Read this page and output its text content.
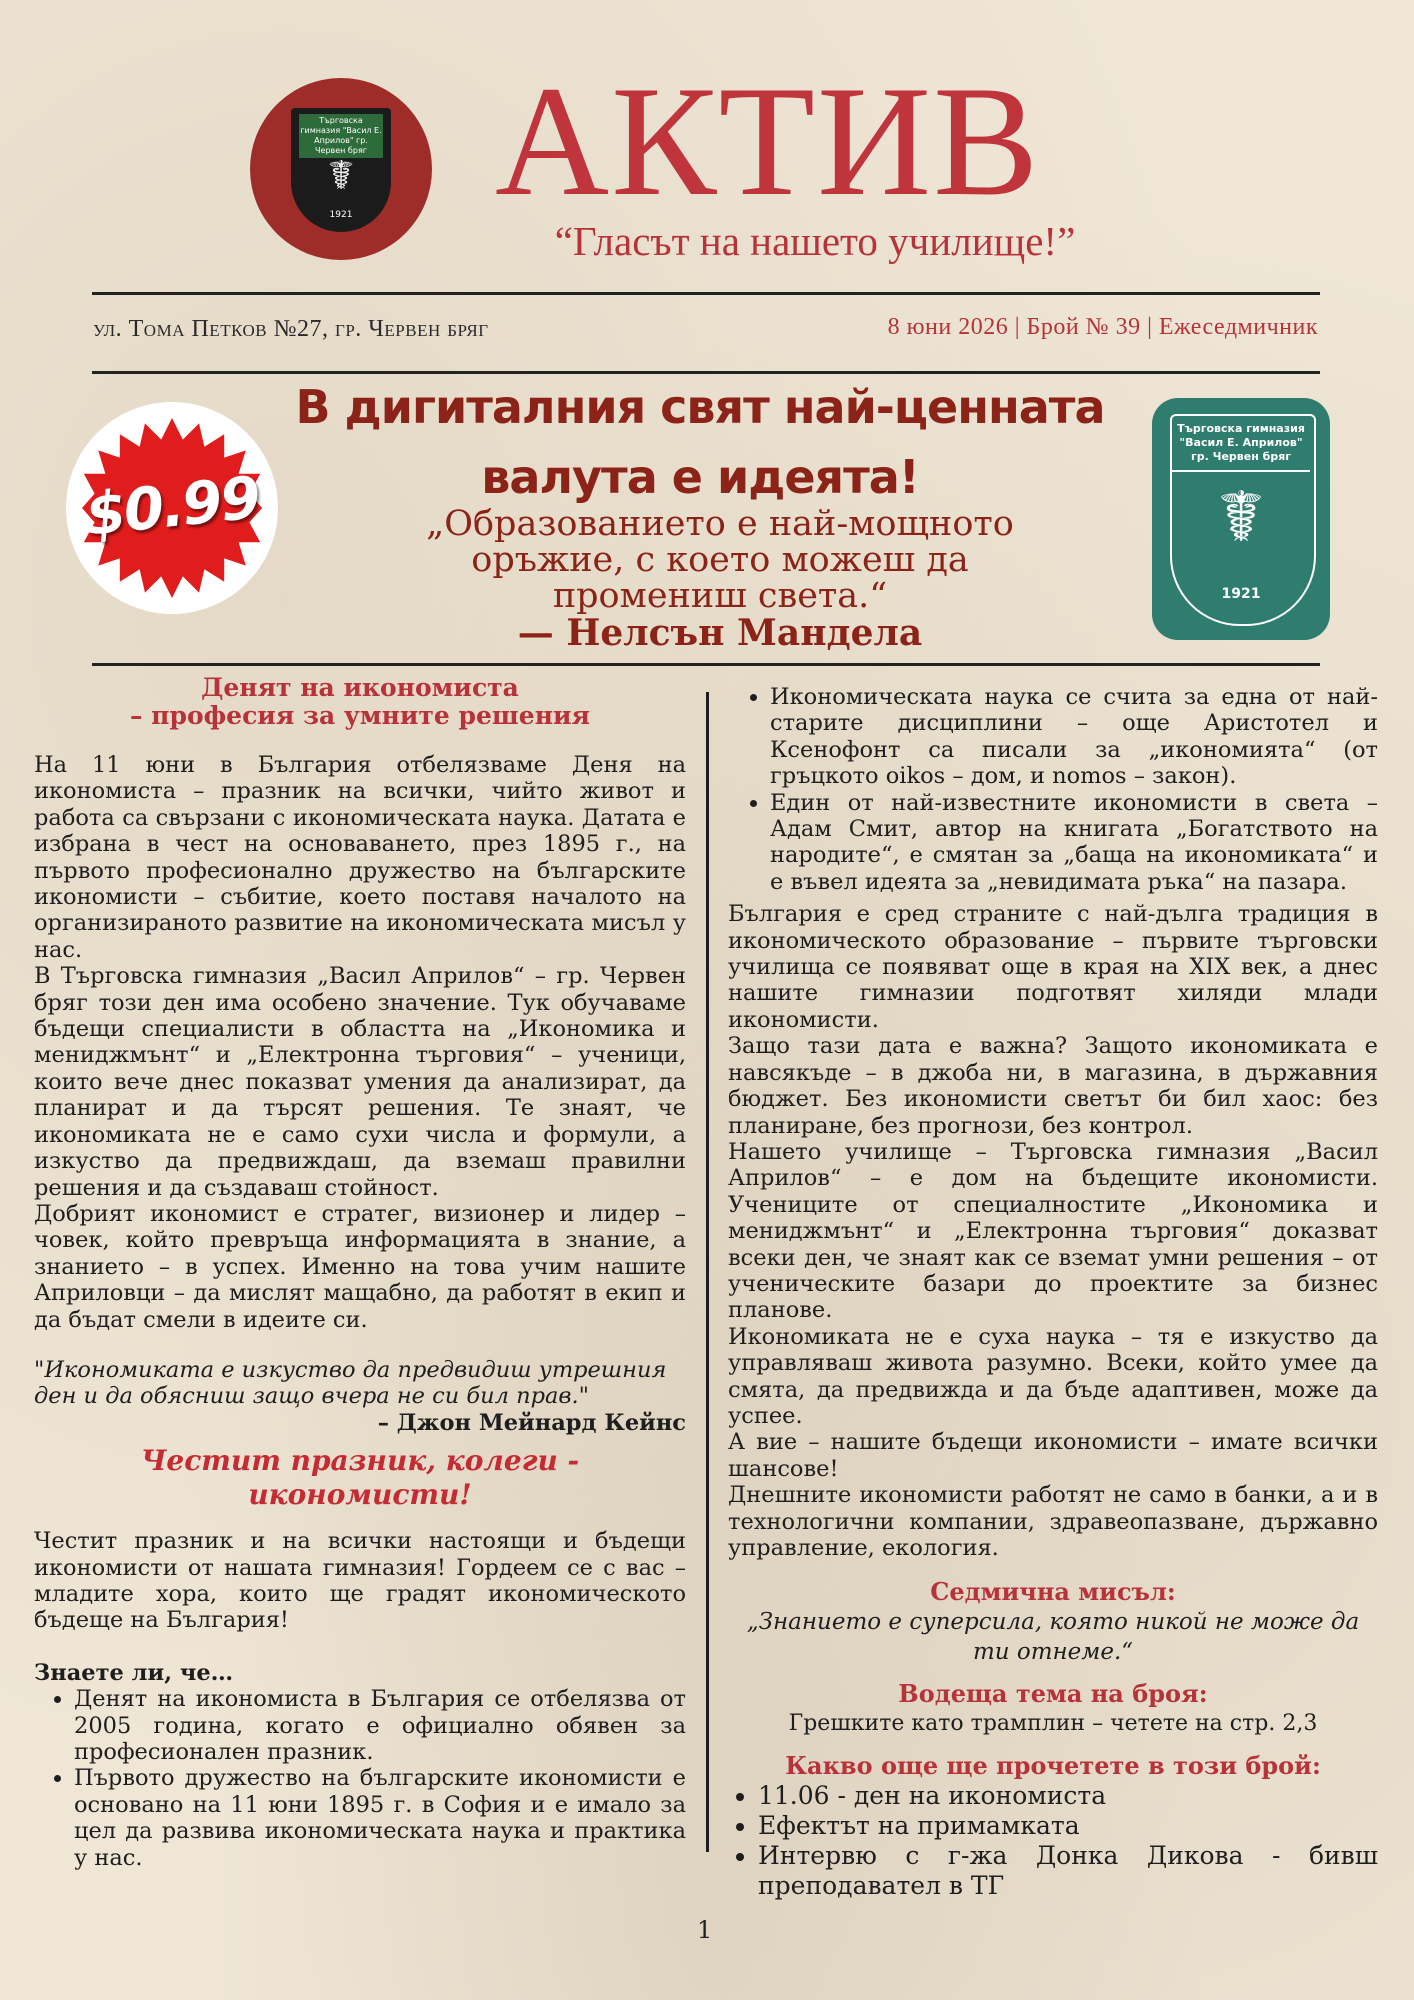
Търговска гимназия "Васил Е. Априлов" гр. Червен бряг
☤
1921 АКТИВ
“Гласът на нашето училище!”
ул. Тома Петков №27, гр. Червен бряг	8 юни 2026 | Брой № 39 | Ежеседмичник
$0.99
В дигиталния свят най-ценната
валута е идеята!
„Образованието е най-мощното оръжие, с което можеш да промениш света.“
— Нелсън Мандела
Търговска гимназия "Васил Е. Априлов" гр. Червен бряг
☤
1921
Денят на икономиста
– професия за умните решения

На 11 юни в България отбелязваме Деня на икономиста – празник на всички, чийто живот и работа са свързани с икономическата наука. Датата е избрана в чест на основаването, през 1895 г., на първото професионално дружество на българските икономисти – събитие, което поставя началото на организираното развитие на икономическата мисъл у нас.

В Търговска гимназия „Васил Априлов“ – гр. Червен бряг този ден има особено значение. Тук обучаваме бъдещи специалисти в областта на „Икономика и мениджмънт“ и „Електронна търговия“ – ученици, които вече днес показват умения да анализират, да планират и да търсят решения. Те знаят, че икономиката не е само сухи числа и формули, а изкуство да предвиждаш, да вземаш правилни решения и да създаваш стойност.

Добрият икономист е стратег, визионер и лидер – човек, който превръща информацията в знание, а знанието – в успех. Именно на това учим нашите Априловци – да мислят мащабно, да работят в екип и да бъдат смели в идеите си.

"Икономиката е изкуство да предвидиш утрешния ден и да обясниш защо вчера не си бил прав."

– Джон Мейнард Кейнс

Честит празник, колеги - икономисти!

Честит празник и на всички настоящи и бъдещи икономисти от нашата гимназия! Гордеем се с вас – младите хора, които ще градят икономическото бъдеще на България!

Знаете ли, че…

• Денят на икономиста в България се отбелязва от 2005 година, когато е официално обявен за професионален празник.
• Първото дружество на българските икономисти е основано на 11 юни 1895 г. в София и е имало за цел да развива икономическата наука и практика у нас.
• Икономическата наука се счита за една от най-старите дисциплини – още Аристотел и Ксенофонт са писали за „икономията“ (от гръцкото oikos – дом, и nomos – закон).
• Един от най-известните икономисти в света – Адам Смит, автор на книгата „Богатството на народите“, е смятан за „баща на икономиката“ и е въвел идеята за „невидимата ръка“ на пазара.

България е сред страните с най-дълга традиция в икономическото образование – първите търговски училища се появяват още в края на XIX век, а днес нашите гимназии подготвят хиляди млади икономисти.

Защо тази дата е важна? Защото икономиката е навсякъде – в джоба ни, в магазина, в държавния бюджет. Без икономисти светът би бил хаос: без планиране, без прогнози, без контрол.

Нашето училище – Търговска гимназия „Васил Априлов“ – е дом на бъдещите икономисти. Учениците от специалностите „Икономика и мениджмънт“ и „Електронна търговия“ доказват всеки ден, че знаят как се вземат умни решения – от ученическите базари до проектите за бизнес планове.

Икономиката не е суха наука – тя е изкуство да управляваш живота разумно. Всеки, който умее да смята, да предвижда и да бъде адаптивен, може да успее.

А вие – нашите бъдещи икономисти – имате всички шансове!

Днешните икономисти работят не само в банки, а и в технологични компании, здравеопазване, държавно управление, екология.

Седмична мисъл:

„Знанието е суперсила, която никой не може да ти отнеме.“

Водеща тема на броя:

Грешките като трамплин – четете на стр. 2,3

Какво още ще прочетете в този брой:
• 11.06 - ден на икономиста
• Ефектът на примамката
• Интервю с г-жа Донка Дикова - бивш преподавател в ТГ
1
